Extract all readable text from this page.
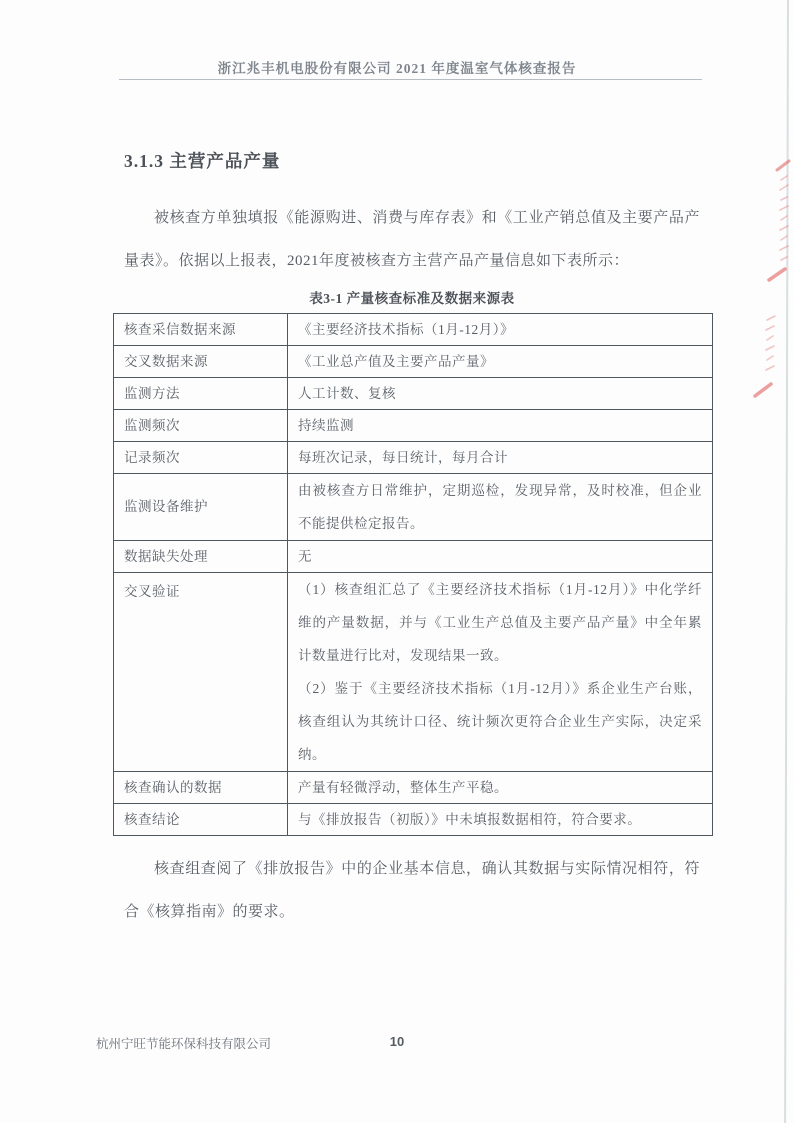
浙江兆丰机电股份有限公司 2021 年度温室气体核查报告
3.1.3 主营产品产量

被核查方单独填报《能源购进、消费与库存表》和《工业产销总值及主要产品产量表》。依据以上报表，2021年度被核查方主营产品产量信息如下表所示：

表3-1 产量核查标准及数据来源表
核查采信数据来源	《主要经济技术指标（1月-12月）》
交叉数据来源	《工业总产值及主要产品产量》
监测方法	人工计数、复核
监测频次	持续监测
记录频次	每班次记录，每日统计，每月合计
监测设备维护	由被核查方日常维护，定期巡检，发现异常，及时校准，但企业不能提供检定报告。

数据缺失处理	无
交叉验证	（1）核查组汇总了《主要经济技术指标（1月-12月）》中化学纤维的产量数据，并与《工业生产总值及主要产品产量》中全年累计数量进行比对，发现结果一致。

（2）鉴于《主要经济技术指标（1月-12月）》系企业生产台账，核查组认为其统计口径、统计频次更符合企业生产实际，决定采纳。

核查确认的数据	产量有轻微浮动，整体生产平稳。
核查结论	与《排放报告（初版）》中未填报数据相符，符合要求。

核查组查阅了《排放报告》中的企业基本信息，确认其数据与实际情况相符，符合《核算指南》的要求。

杭州宁旺节能环保科技有限公司	10
